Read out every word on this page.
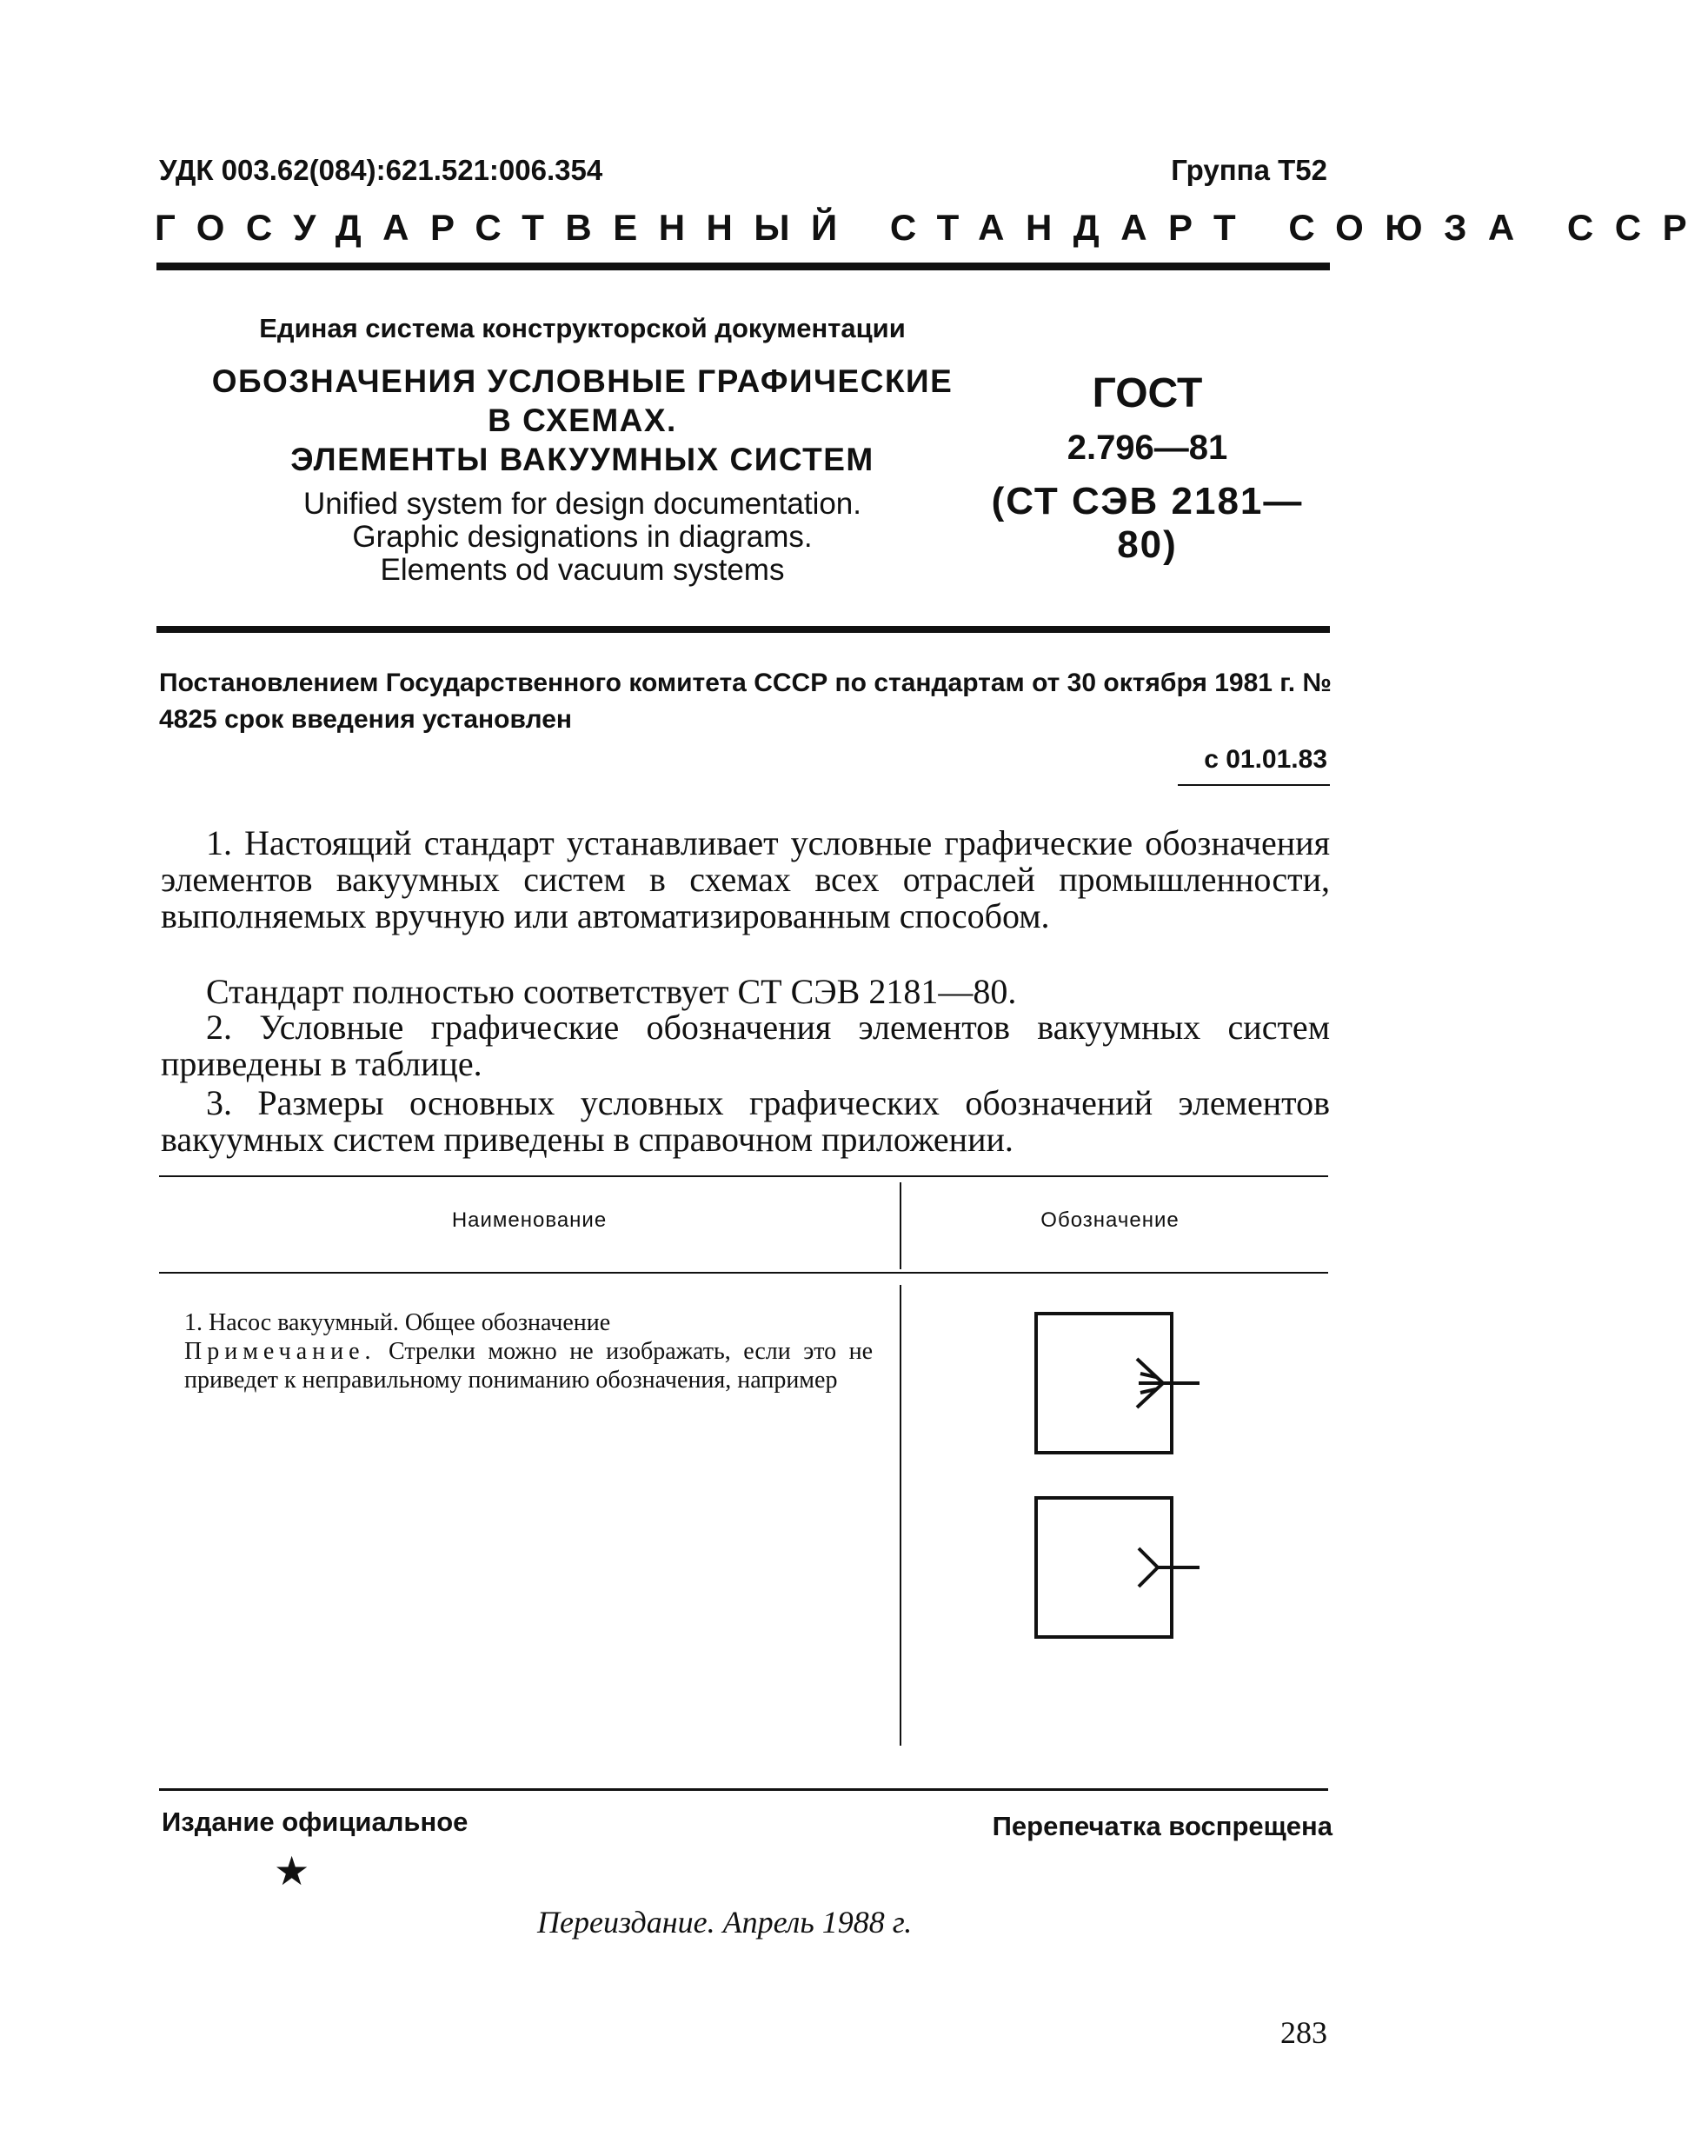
УДК 003.62(084):621.521:006.354	Группа Т52
ГОСУДАРСТВЕННЫЙ СТАНДАРТ СОЮЗА ССР
Единая система конструкторской документации
ОБОЗНАЧЕНИЯ УСЛОВНЫЕ ГРАФИЧЕСКИЕ
В СХЕМАХ.
ЭЛЕМЕНТЫ ВАКУУМНЫХ СИСТЕМ
Unified system for design documentation.
Graphic designations in diagrams.
Elements od vacuum systems
ГОСТ
2.796—81
(СТ СЭВ 2181—80)
Постановлением Государственного комитета СССР по стандартам от 30 октября 1981 г. № 4825 срок введения установлен
с 01.01.83
1. Настоящий стандарт устанавливает условные графические обозначения элементов вакуумных систем в схемах всех отраслей промышленности, выполняемых вручную или автоматизированным способом.
Стандарт полностью соответствует СТ СЭВ 2181—80.
2. Условные графические обозначения элементов вакуумных систем приведены в таблице.
3. Размеры основных условных графических обозначений элементов вакуумных систем приведены в справочном приложении.
Наименование	Обозначение
1. Насос вакуумный. Общее обозначение
Примечание. Стрелки можно не изображать, если это не приведет к неправильному пониманию обозначения, например
Издание официальное	Перепечатка воспрещена
★
Переиздание. Апрель 1988 г.
283
